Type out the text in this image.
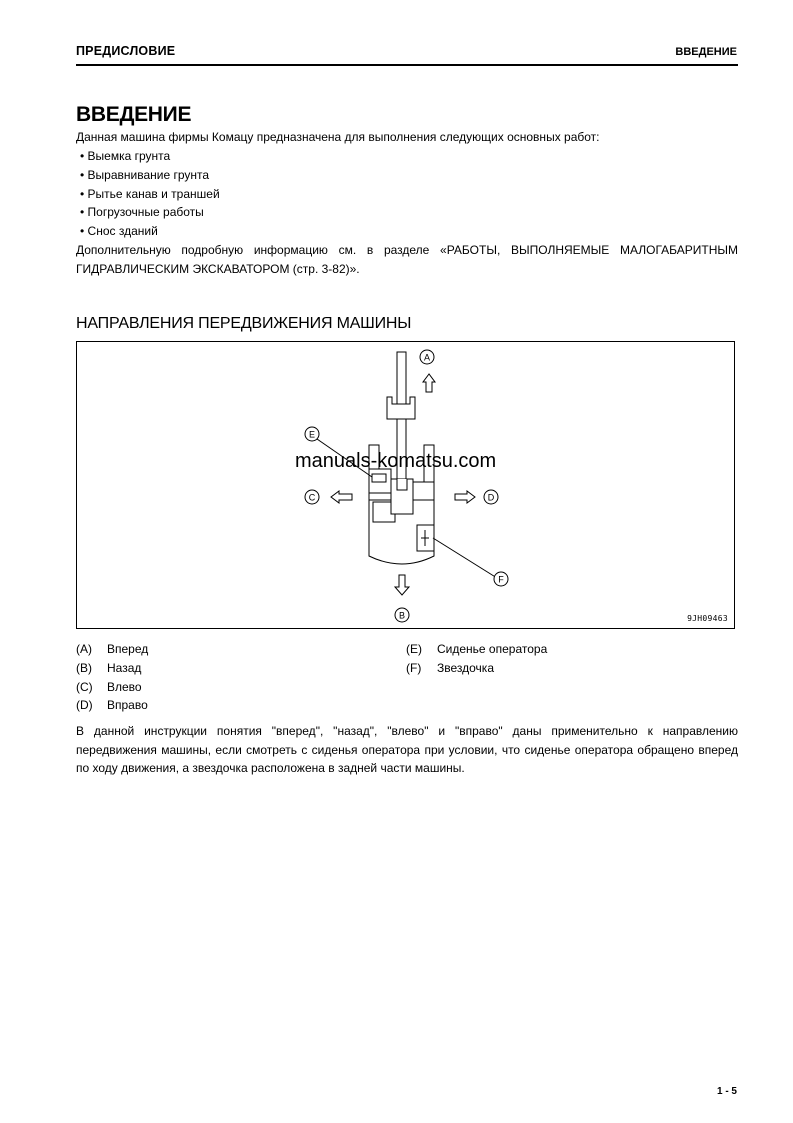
ПРЕДИСЛОВИЕ	ВВЕДЕНИЕ
ВВЕДЕНИЕ
Данная машина фирмы Комацу предназначена для выполнения следующих основных работ:
• Выемка грунта
• Выравнивание грунта
• Рытье канав и траншей
• Погрузочные работы
• Снос зданий
Дополнительную подробную информацию см. в разделе «РАБОТЫ, ВЫПОЛНЯЕМЫЕ МАЛОГАБАРИТНЫМ ГИДРАВЛИЧЕСКИМ ЭКСКАВАТОРОМ (стр. 3-82)».
НАПРАВЛЕНИЯ ПЕРЕДВИЖЕНИЯ МАШИНЫ
A
B
C	D
E
F
9JH09463
manuals-komatsu.com
(A)	Вперед
(B)	Назад
(C)	Влево
(D)	Вправо
(E)	Сиденье оператора
(F)	Звездочка
В данной инструкции понятия "вперед", "назад", "влево" и "вправо" даны применительно к направлению передвижения машины, если смотреть с сиденья оператора при условии, что сиденье оператора обращено вперед по ходу движения, а звездочка расположена в задней части машины.
1 - 5
